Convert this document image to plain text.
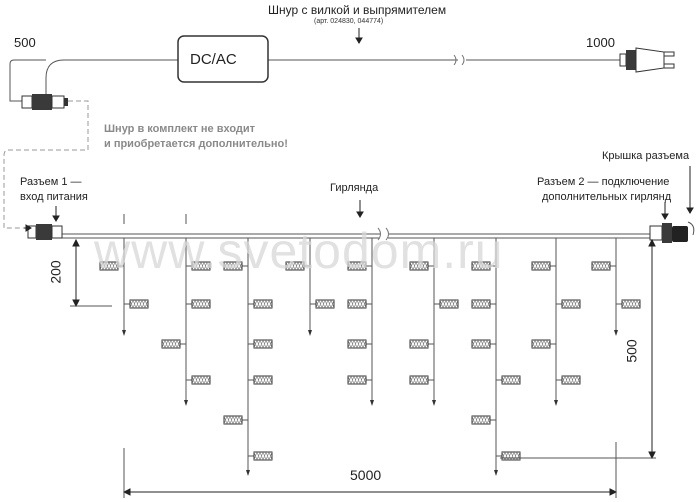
www.svetodom.ru
Шнур с вилкой и выпрямителем
(арт. 024830, 044774)
500	1000
DC/AC
Шнур в комплект не входит
и приобретается дополнительно!
Крышка разъема
Разъем 1 —
вход питания
Гирлянда	Разъем 2 — подключение
дополнительных гирлянд
200
500
5000
